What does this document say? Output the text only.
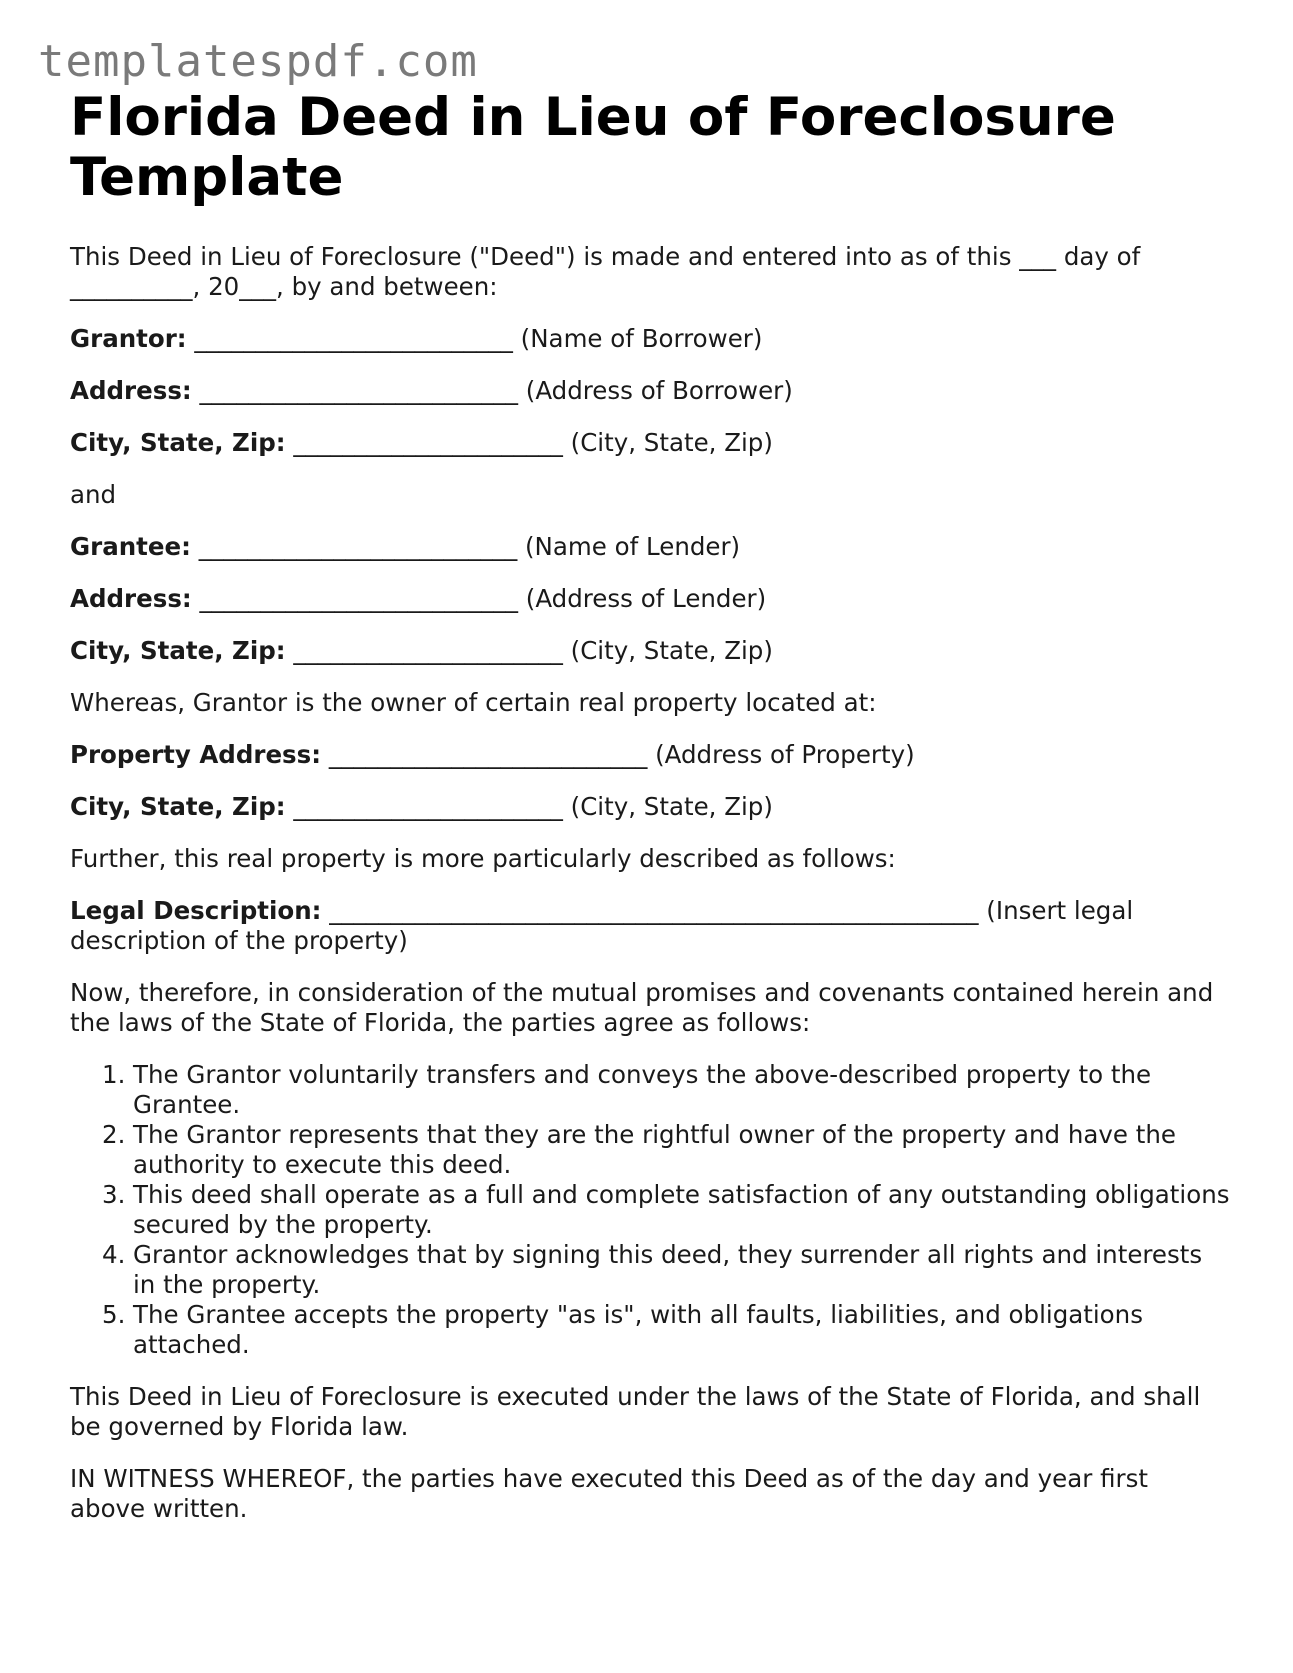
templatespdf.com
Florida Deed in Lieu of Foreclosure Template

This Deed in Lieu of Foreclosure ("Deed") is made and entered into as of this ___ day of __________, 20___, by and between:

Grantor: __________________________ (Name of Borrower)

Address: __________________________ (Address of Borrower)

City, State, Zip: ______________________ (City, State, Zip)

and

Grantee: __________________________ (Name of Lender)

Address: __________________________ (Address of Lender)

City, State, Zip: ______________________ (City, State, Zip)

Whereas, Grantor is the owner of certain real property located at:

Property Address: __________________________ (Address of Property)

City, State, Zip: ______________________ (City, State, Zip)

Further, this real property is more particularly described as follows:

Legal Description: _____________________________________________________ (Insert legal description of the property)

Now, therefore, in consideration of the mutual promises and covenants contained herein and the laws of the State of Florida, the parties agree as follows:

1. The Grantor voluntarily transfers and conveys the above-described property to the Grantee.
2. The Grantor represents that they are the rightful owner of the property and have the authority to execute this deed.
3. This deed shall operate as a full and complete satisfaction of any outstanding obligations secured by the property.
4. Grantor acknowledges that by signing this deed, they surrender all rights and interests in the property.
5. The Grantee accepts the property "as is", with all faults, liabilities, and obligations attached.

This Deed in Lieu of Foreclosure is executed under the laws of the State of Florida, and shall be governed by Florida law.

IN WITNESS WHEREOF, the parties have executed this Deed as of the day and year first above written.
